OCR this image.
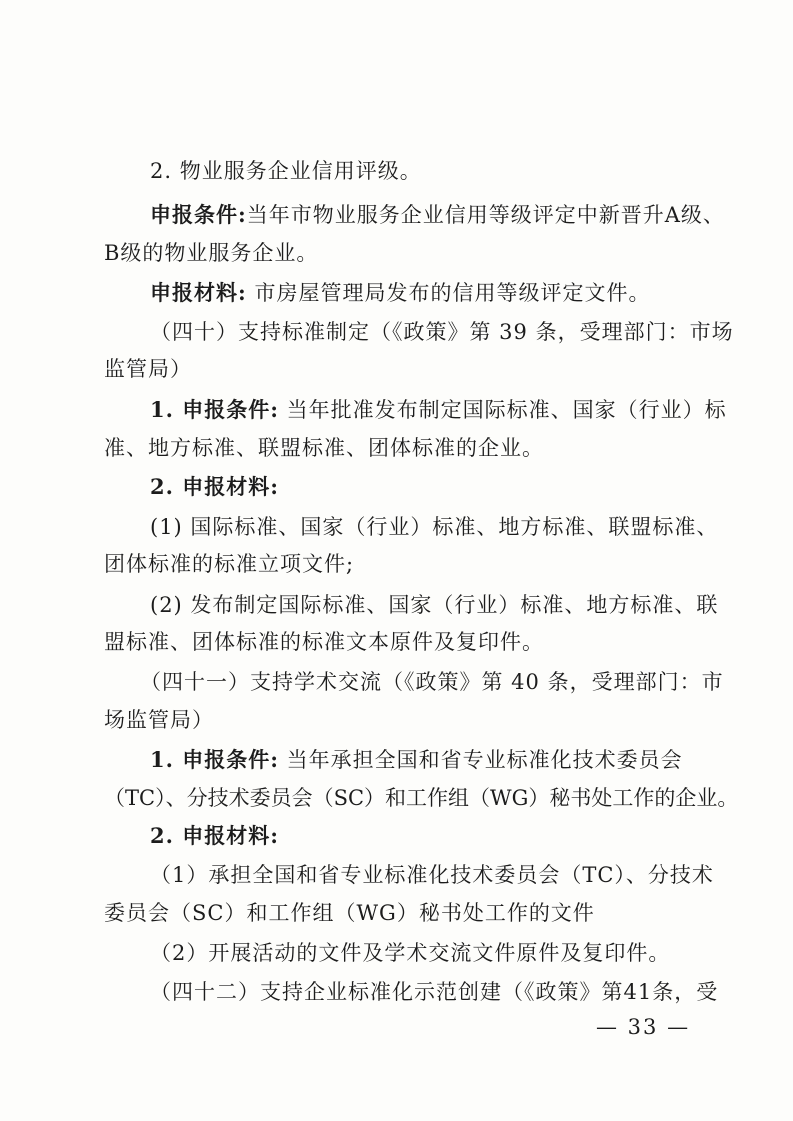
2. 物业服务企业信用评级。
申报条件:当年市物业服务企业信用等级评定中新晋升A级、
B级的物业服务企业。
申报材料: 市房屋管理局发布的信用等级评定文件。
（四十）支持标准制定（《政策》第 39 条，受理部门：市场
监管局）
1. 申报条件: 当年批准发布制定国际标准、国家（行业）标
准、地方标准、联盟标准、团体标准的企业。
2. 申报材料:
(1) 国际标准、国家（行业）标准、地方标准、联盟标准、
团体标准的标准立项文件;
(2) 发布制定国际标准、国家（行业）标准、地方标准、联
盟标准、团体标准的标准文本原件及复印件。
（四十一）支持学术交流（《政策》第 40 条，受理部门：市
场监管局）
1. 申报条件: 当年承担全国和省专业标准化技术委员会
（TC）、分技术委员会（SC）和工作组（WG）秘书处工作的企业。
2. 申报材料:
（1）承担全国和省专业标准化技术委员会（TC）、分技术
委员会（SC）和工作组（WG）秘书处工作的文件
（2）开展活动的文件及学术交流文件原件及复印件。
（四十二）支持企业标准化示范创建（《政策》第41条，受
— 33 —
